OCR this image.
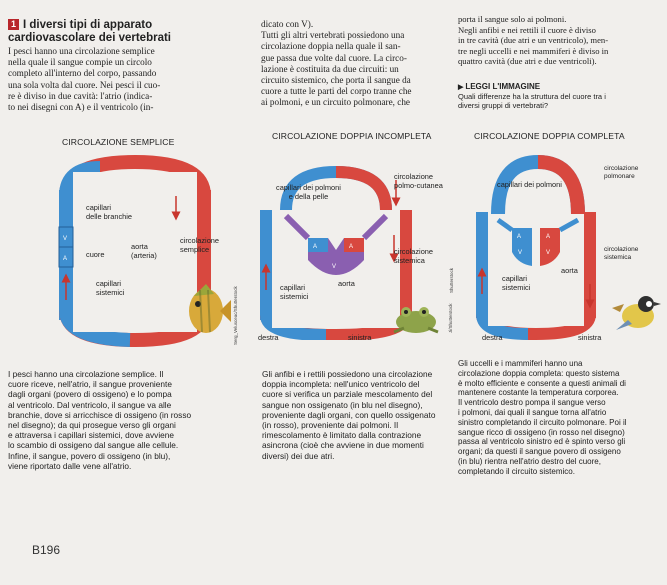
1 I diversi tipi di apparato
cardiovascolare dei vertebrati
I pesci hanno una circolazione semplice
nella quale il sangue compie un circolo
completo all'interno del corpo, passando
una sola volta dal cuore. Nei pesci il cuo-
re è diviso in due cavità: l'atrio (indica-
to nei disegni con A) e il ventricolo (in-
dicato con V).
Tutti gli altri vertebrati possiedono una
circolazione doppia nella quale il san-
gue passa due volte dal cuore. La circo-
lazione è costituita da due circuiti: un
circuito sistemico, che porta il sangue da
cuore a tutte le parti del corpo tranne che
ai polmoni, e un circuito polmonare, che
porta il sangue solo ai polmoni.
Negli anfibi e nei rettili il cuore è diviso
in tre cavità (due atri e un ventricolo), men-
tre negli uccelli e nei mammiferi è diviso in
quattro cavità (due atri e due ventricoli).
▶ LEGGI L'IMMAGINE
Quali differenze ha la struttura del cuore tra i
diversi gruppi di vertebrati?
CIRCOLAZIONE SEMPLICE
CIRCOLAZIONE DOPPIA INCOMPLETA	CIRCOLAZIONE DOPPIA COMPLETA
A
V
capillari
delle branchie
cuore
aorta
(arteria)
circolazione
semplice
capillari
sistemici	Serg_Velusceac/Shutterstock
A	A
V
capillari dei polmoni
e della pelle
circolazione
polmo-cutanea
circolazione
sistemica
aorta
capillari
sistemici
destra	sinistra
Ji/Shutterstock
A	A
V	V
capillari dei polmoni
circolazione
polmonare
circolazione
sistemica
aorta
capillari
sistemici
destra	sinistra
Shutterstock
I pesci hanno una circolazione semplice. Il
cuore riceve, nell'atrio, il sangue proveniente
dagli organi (povero di ossigeno) e lo pompa
al ventricolo. Dal ventricolo, il sangue va alle
branchie, dove si arricchisce di ossigeno (in rosso
nel disegno); da qui prosegue verso gli organi
e attraversa i capillari sistemici, dove avviene
lo scambio di ossigeno dal sangue alle cellule.
Infine, il sangue, povero di ossigeno (in blu),
viene riportato dalle vene all'atrio.
Gli anfibi e i rettili possiedono una circolazione
doppia incompleta: nell'unico ventricolo del
cuore si verifica un parziale mescolamento del
sangue non ossigenato (in blu nel disegno),
proveniente dagli organi, con quello ossigenato
(in rosso), proveniente dai polmoni. Il
rimescolamento è limitato dalla contrazione
asincrona (cioè che avviene in due momenti
diversi) dei due atri.
Gli uccelli e i mammiferi hanno una
circolazione doppia completa: questo sistema
è molto efficiente e consente a questi animali di
mantenere costante la temperatura corporea.
Il ventricolo destro pompa il sangue verso
i polmoni, dai quali il sangue torna all'atrio
sinistro completando il circuito polmonare. Poi il
sangue ricco di ossigeno (in rosso nel disegno)
passa al ventricolo sinistro ed è spinto verso gli
organi; da questi il sangue povero di ossigeno
(in blu) rientra nell'atrio destro del cuore,
completando il circuito sistemico.
B196
